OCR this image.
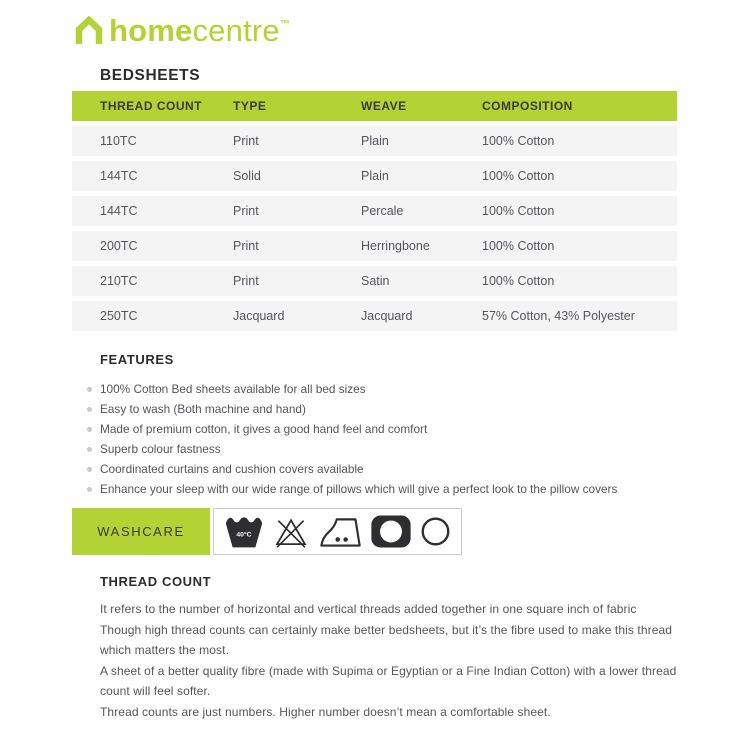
homecentre™
BEDSHEETS
THREAD COUNT	TYPE	WEAVE	COMPOSITION
110TC	Print	Plain	100% Cotton
144TC	Solid	Plain	100% Cotton
144TC	Print	Percale	100% Cotton
200TC	Print	Herringbone	100% Cotton
210TC	Print	Satin	100% Cotton
250TC	Jacquard	Jacquard	57% Cotton, 43% Polyester
FEATURES
100% Cotton Bed sheets available for all bed sizes
Easy to wash (Both machine and hand)
Made of premium cotton, it gives a good hand feel and comfort
Superb colour fastness
Coordinated curtains and cushion covers available
Enhance your sleep with our wide range of pillows which will give a perfect look to the pillow covers
WASHCARE	40°C
THREAD COUNT

It refers to the number of horizontal and vertical threads added together in one square inch of fabric

Though high thread counts can certainly make better bedsheets, but it’s the fibre used to make this thread which matters the most.

A sheet of a better quality fibre (made with Supima or Egyptian or a Fine Indian Cotton) with a lower thread count will feel softer.

Thread counts are just numbers. Higher number doesn’t mean a comfortable sheet.
